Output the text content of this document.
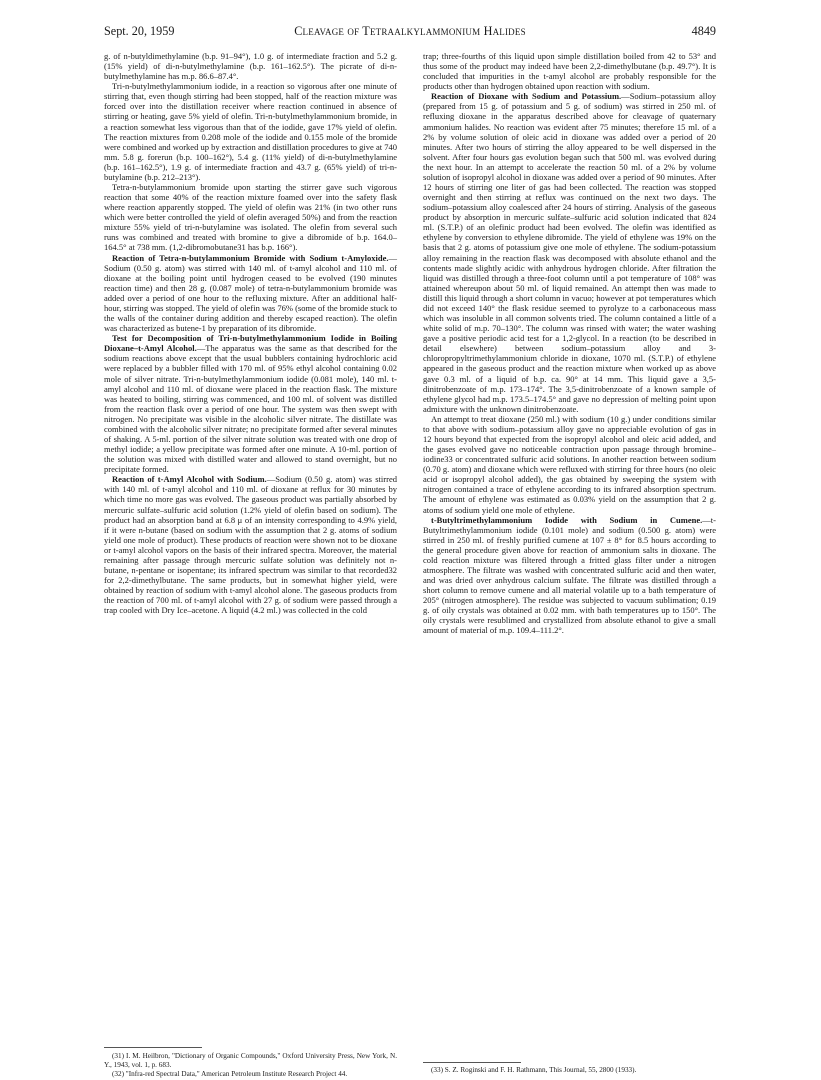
Sept. 20, 1959	Cleavage of Tetraalkylammonium Halides	4849

g. of n-butyldimethylamine (b.p. 91–94°), 1.0 g. of intermediate fraction and 5.2 g. (15% yield) of di-n-butylmethylamine (b.p. 161–162.5°). The picrate of di-n-butylmethylamine has m.p. 86.6–87.4°.

Tri-n-butylmethylammonium iodide, in a reaction so vigorous after one minute of stirring that, even though stirring had been stopped, half of the reaction mixture was forced over into the distillation receiver where reaction continued in absence of stirring or heating, gave 5% yield of olefin. Tri-n-butylmethylammonium bromide, in a reaction somewhat less vigorous than that of the iodide, gave 17% yield of olefin. The reaction mixtures from 0.208 mole of the iodide and 0.155 mole of the bromide were combined and worked up by extraction and distillation procedures to give at 740 mm. 5.8 g. forerun (b.p. 100–162°), 5.4 g. (11% yield) of di-n-butylmethylamine (b.p. 161–162.5°), 1.9 g. of intermediate fraction and 43.7 g. (65% yield) of tri-n-butylamine (b.p. 212–213°).

Tetra-n-butylammonium bromide upon starting the stirrer gave such vigorous reaction that some 40% of the reaction mixture foamed over into the safety flask where reaction apparently stopped. The yield of olefin was 21% (in two other runs which were better controlled the yield of olefin averaged 50%) and from the reaction mixture 55% yield of tri-n-butylamine was isolated. The olefin from several such runs was combined and treated with bromine to give a dibromide of b.p. 164.0–164.5° at 738 mm. (1,2-dibromobutane31 has b.p. 166°).

Reaction of Tetra-n-butylammonium Bromide with Sodium t-Amyloxide.—Sodium (0.50 g. atom) was stirred with 140 ml. of t-amyl alcohol and 110 ml. of dioxane at the boiling point until hydrogen ceased to be evolved (190 minutes reaction time) and then 28 g. (0.087 mole) of tetra-n-butylammonium bromide was added over a period of one hour to the refluxing mixture. After an additional half-hour, stirring was stopped. The yield of olefin was 76% (some of the bromide stuck to the walls of the container during addition and thereby escaped reaction). The olefin was characterized as butene-1 by preparation of its dibromide.

Test for Decomposition of Tri-n-butylmethylammonium Iodide in Boiling Dioxane–t-Amyl Alcohol.—The apparatus was the same as that described for the sodium reactions above except that the usual bubblers containing hydrochloric acid were replaced by a bubbler filled with 170 ml. of 95% ethyl alcohol containing 0.02 mole of silver nitrate. Tri-n-butylmethylammonium iodide (0.081 mole), 140 ml. t-amyl alcohol and 110 ml. of dioxane were placed in the reaction flask. The mixture was heated to boiling, stirring was commenced, and 100 ml. of solvent was distilled from the reaction flask over a period of one hour. The system was then swept with nitrogen. No precipitate was visible in the alcoholic silver nitrate. The distillate was combined with the alcoholic silver nitrate; no precipitate formed after several minutes of shaking. A 5-ml. portion of the silver nitrate solution was treated with one drop of methyl iodide; a yellow precipitate was formed after one minute. A 10-ml. portion of the solution was mixed with distilled water and allowed to stand overnight, but no precipitate formed.

Reaction of t-Amyl Alcohol with Sodium.—Sodium (0.50 g. atom) was stirred with 140 ml. of t-amyl alcohol and 110 ml. of dioxane at reflux for 30 minutes by which time no more gas was evolved. The gaseous product was partially absorbed by mercuric sulfate–sulfuric acid solution (1.2% yield of olefin based on sodium). The product had an absorption band at 6.8 μ of an intensity corresponding to 4.9% yield, if it were n-butane (based on sodium with the assumption that 2 g. atoms of sodium yield one mole of product). These products of reaction were shown not to be dioxane or t-amyl alcohol vapors on the basis of their infrared spectra. Moreover, the material remaining after passage through mercuric sulfate solution was definitely not n-butane, n-pentane or isopentane; its infrared spectrum was similar to that recorded32 for 2,2-dimethylbutane. The same products, but in somewhat higher yield, were obtained by reaction of sodium with t-amyl alcohol alone. The gaseous products from the reaction of 700 ml. of t-amyl alcohol with 27 g. of sodium were passed through a trap cooled with Dry Ice–acetone. A liquid (4.2 ml.) was collected in the cold

trap; three-fourths of this liquid upon simple distillation boiled from 42 to 53° and thus some of the product may indeed have been 2,2-dimethylbutane (b.p. 49.7°). It is concluded that impurities in the t-amyl alcohol are probably responsible for the products other than hydrogen obtained upon reaction with sodium.

Reaction of Dioxane with Sodium and Potassium.—Sodium–potassium alloy (prepared from 15 g. of potassium and 5 g. of sodium) was stirred in 250 ml. of refluxing dioxane in the apparatus described above for cleavage of quaternary ammonium halides. No reaction was evident after 75 minutes; therefore 15 ml. of a 2% by volume solution of oleic acid in dioxane was added over a period of 20 minutes. After two hours of stirring the alloy appeared to be well dispersed in the solvent. After four hours gas evolution began such that 500 ml. was evolved during the next hour. In an attempt to accelerate the reaction 50 ml. of a 2% by volume solution of isopropyl alcohol in dioxane was added over a period of 90 minutes. After 12 hours of stirring one liter of gas had been collected. The reaction was stopped overnight and then stirring at reflux was continued on the next two days. The sodium–potassium alloy coalesced after 24 hours of stirring. Analysis of the gaseous product by absorption in mercuric sulfate–sulfuric acid solution indicated that 824 ml. (S.T.P.) of an olefinic product had been evolved. The olefin was identified as ethylene by conversion to ethylene dibromide. The yield of ethylene was 19% on the basis that 2 g. atoms of potassium give one mole of ethylene. The sodium-potassium alloy remaining in the reaction flask was decomposed with absolute ethanol and the contents made slightly acidic with anhydrous hydrogen chloride. After filtration the liquid was distilled through a three-foot column until a pot temperature of 108° was attained whereupon about 50 ml. of liquid remained. An attempt then was made to distill this liquid through a short column in vacuo; however at pot temperatures which did not exceed 140° the flask residue seemed to pyrolyze to a carbonaceous mass which was insoluble in all common solvents tried. The column contained a little of a white solid of m.p. 70–130°. The column was rinsed with water; the water washing gave a positive periodic acid test for a 1,2-glycol. In a reaction (to be described in detail elsewhere) between sodium–potassium alloy and 3-chloropropyltrimethylammonium chloride in dioxane, 1070 ml. (S.T.P.) of ethylene appeared in the gaseous product and the reaction mixture when worked up as above gave 0.3 ml. of a liquid of b.p. ca. 90° at 14 mm. This liquid gave a 3,5-dinitrobenzoate of m.p. 173–174°. The 3,5-dinitrobenzoate of a known sample of ethylene glycol had m.p. 173.5–174.5° and gave no depression of melting point upon admixture with the unknown dinitrobenzoate.

An attempt to treat dioxane (250 ml.) with sodium (10 g.) under conditions similar to that above with sodium–potassium alloy gave no appreciable evolution of gas in 12 hours beyond that expected from the isopropyl alcohol and oleic acid added, and the gases evolved gave no noticeable contraction upon passage through bromine–iodine33 or concentrated sulfuric acid solutions. In another reaction between sodium (0.70 g. atom) and dioxane which were refluxed with stirring for three hours (no oleic acid or isopropyl alcohol added), the gas obtained by sweeping the system with nitrogen contained a trace of ethylene according to its infrared absorption spectrum. The amount of ethylene was estimated as 0.03% yield on the assumption that 2 g. atoms of sodium yield one mole of ethylene.

t-Butyltrimethylammonium Iodide with Sodium in Cumene.—t-Butyltrimethylammonium iodide (0.101 mole) and sodium (0.500 g. atom) were stirred in 250 ml. of freshly purified cumene at 107 ± 8° for 8.5 hours according to the general procedure given above for reaction of ammonium salts in dioxane. The cold reaction mixture was filtered through a fritted glass filter under a nitrogen atmosphere. The filtrate was washed with concentrated sulfuric acid and then water, and was dried over anhydrous calcium sulfate. The filtrate was distilled through a short column to remove cumene and all material volatile up to a bath temperature of 205° (nitrogen atmosphere). The residue was subjected to vacuum sublimation; 0.19 g. of oily crystals was obtained at 0.02 mm. with bath temperatures up to 150°. The oily crystals were resublimed and crystallized from absolute ethanol to give a small amount of material of m.p. 109.4–111.2°.

(31) I. M. Heilbron, "Dictionary of Organic Compounds," Oxford University Press, New York, N. Y., 1943, vol. 1, p. 683.

(32) "Infra-red Spectral Data," American Petroleum Institute Research Project 44.

(33) S. Z. Roginski and F. H. Rathmann, This Journal, 55, 2800 (1933).
